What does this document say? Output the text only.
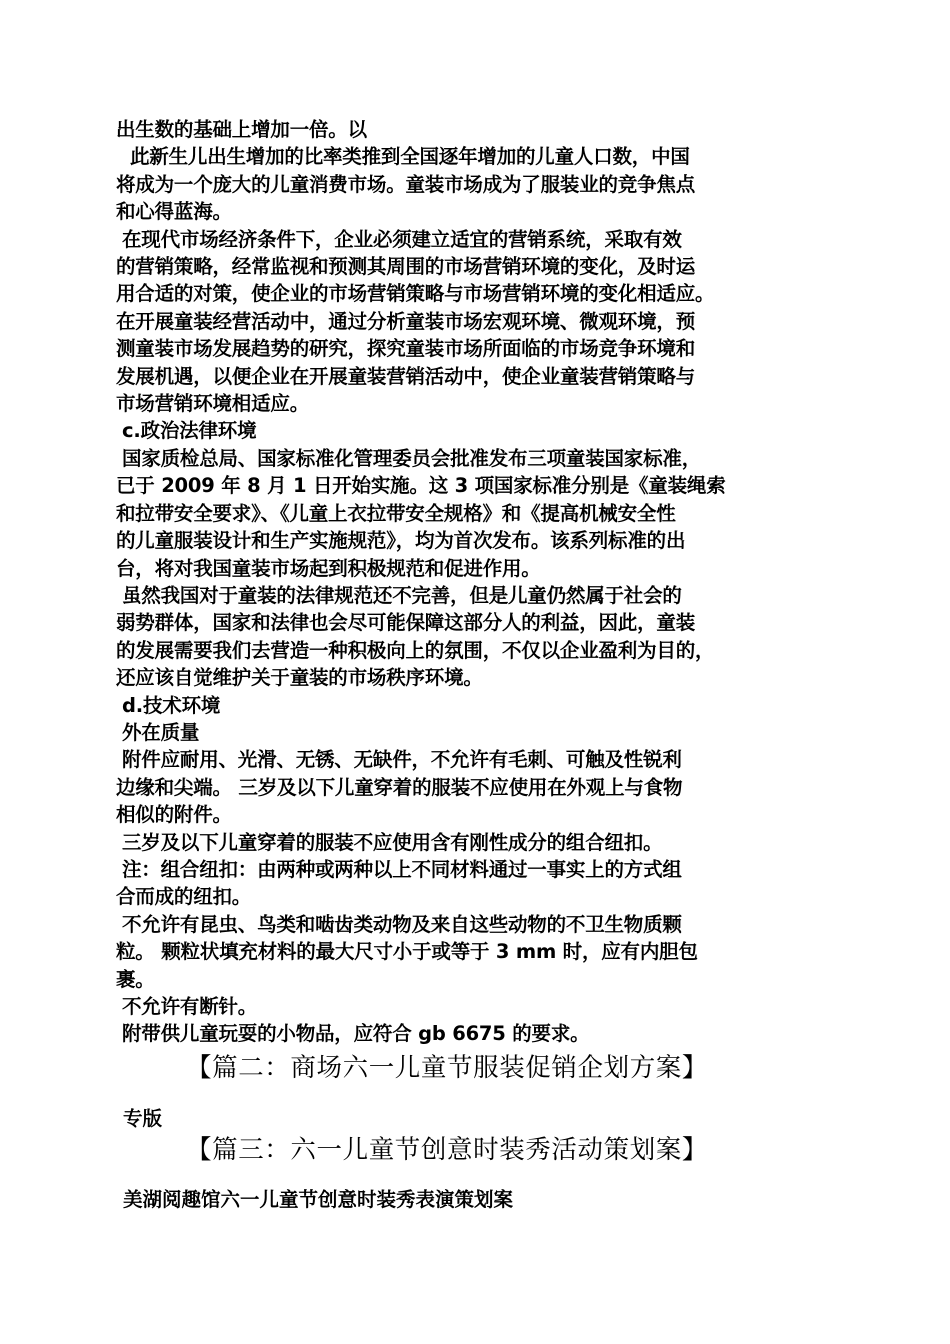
出生数的基础上增加一倍。以
此新生儿出生增加的比率类推到全国逐年增加的儿童人口数，中国
将成为一个庞大的儿童消费市场。童装市场成为了服装业的竞争焦点
和心得蓝海。
在现代市场经济条件下，企业必须建立适宜的营销系统，采取有效
的营销策略，经常监视和预测其周围的市场营销环境的变化，及时运
用合适的对策，使企业的市场营销策略与市场营销环境的变化相适应。
在开展童装经营活动中，通过分析童装市场宏观环境、微观环境，预
测童装市场发展趋势的研究，探究童装市场所面临的市场竞争环境和
发展机遇，以便企业在开展童装营销活动中，使企业童装营销策略与
市场营销环境相适应。
c.政治法律环境
国家质检总局、国家标准化管理委员会批准发布三项童装国家标准，
已于 2009 年 8 月 1 日开始实施。这 3 项国家标准分别是《童装绳索
和拉带安全要求》、《儿童上衣拉带安全规格》和《提高机械安全性
的儿童服装设计和生产实施规范》，均为首次发布。该系列标准的出
台，将对我国童装市场起到积极规范和促进作用。
虽然我国对于童装的法律规范还不完善，但是儿童仍然属于社会的
弱势群体，国家和法律也会尽可能保障这部分人的利益，因此，童装
的发展需要我们去营造一种积极向上的氛围，不仅以企业盈利为目的，
还应该自觉维护关于童装的市场秩序环境。
d.技术环境
外在质量
附件应耐用、光滑、无锈、无缺件，不允许有毛刺、可触及性锐利
边缘和尖端。 三岁及以下儿童穿着的服装不应使用在外观上与食物
相似的附件。
三岁及以下儿童穿着的服装不应使用含有刚性成分的组合纽扣。
注：组合纽扣：由两种或两种以上不同材料通过一事实上的方式组
合而成的纽扣。
不允许有昆虫、鸟类和啮齿类动物及来自这些动物的不卫生物质颗
粒。 颗粒状填充材料的最大尺寸小于或等于 3 mm 时，应有内胆包
裹。
不允许有断针。
附带供儿童玩耍的小物品，应符合 gb 6675 的要求。
【篇二：商场六一儿童节服装促销企划方案】
专版
【篇三：六一儿童节创意时装秀活动策划案】
美湖阅趣馆六一儿童节创意时装秀表演策划案
